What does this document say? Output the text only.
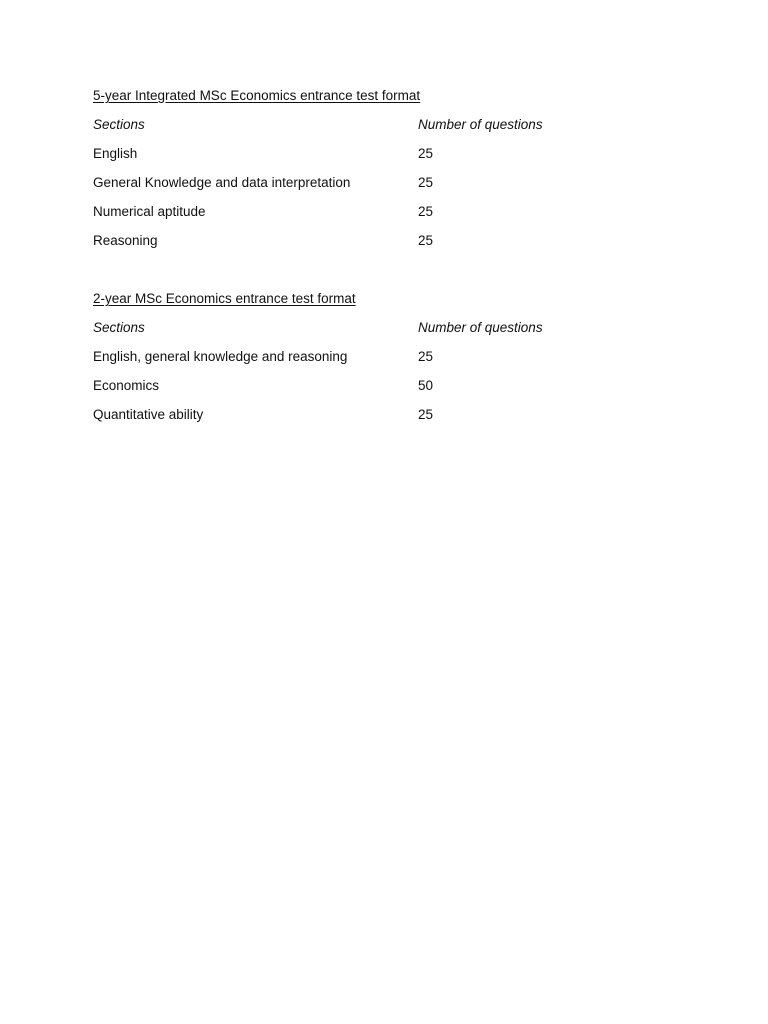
5-year Integrated MSc Economics entrance test format
Sections	Number of questions
English	25
General Knowledge and data interpretation	25
Numerical aptitude	25
Reasoning	25
2-year MSc Economics entrance test format
Sections	Number of questions
English, general knowledge and reasoning	25
Economics	50
Quantitative ability	25
